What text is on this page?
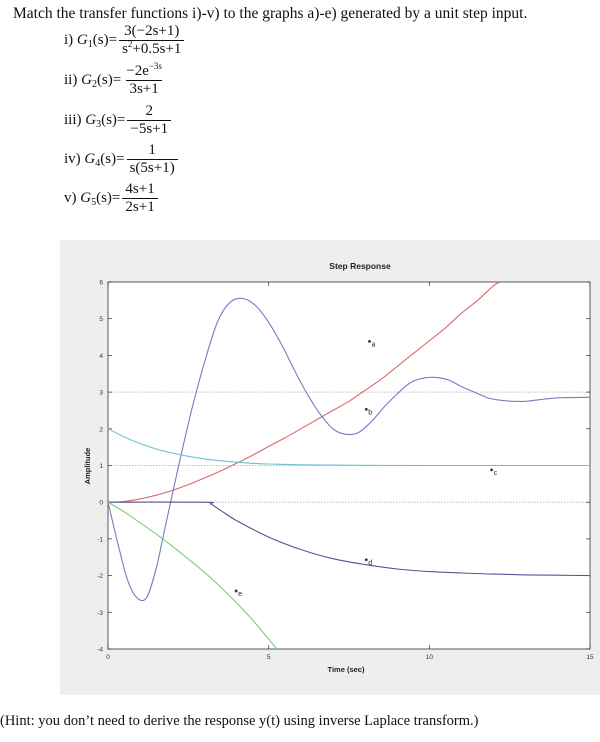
Match the transfer functions i)-v) to the graphs a)-e) generated by a unit step input.
i) $G_1(s)= \frac{3(-2s+1)}{s^2+0.5s+1}$
ii) $G_2(s)= \frac{-2e^{-3s}}{3s+1}$
iii) $G_3(s)= \frac{2}{-5s+1}$
iv) $G_4(s)= \frac{1}{s(5s+1)}$
v) $G_5(s)= \frac{4s+1}{2s+1}$
6
5
4
3
2
1
0
-1
-2
-3
-4
0	5	10	15
a
b
c
d
e
Step Response
Time (sec)
Amplitude
(Hint: you don’t need to derive the response y(t) using inverse Laplace transform.)
